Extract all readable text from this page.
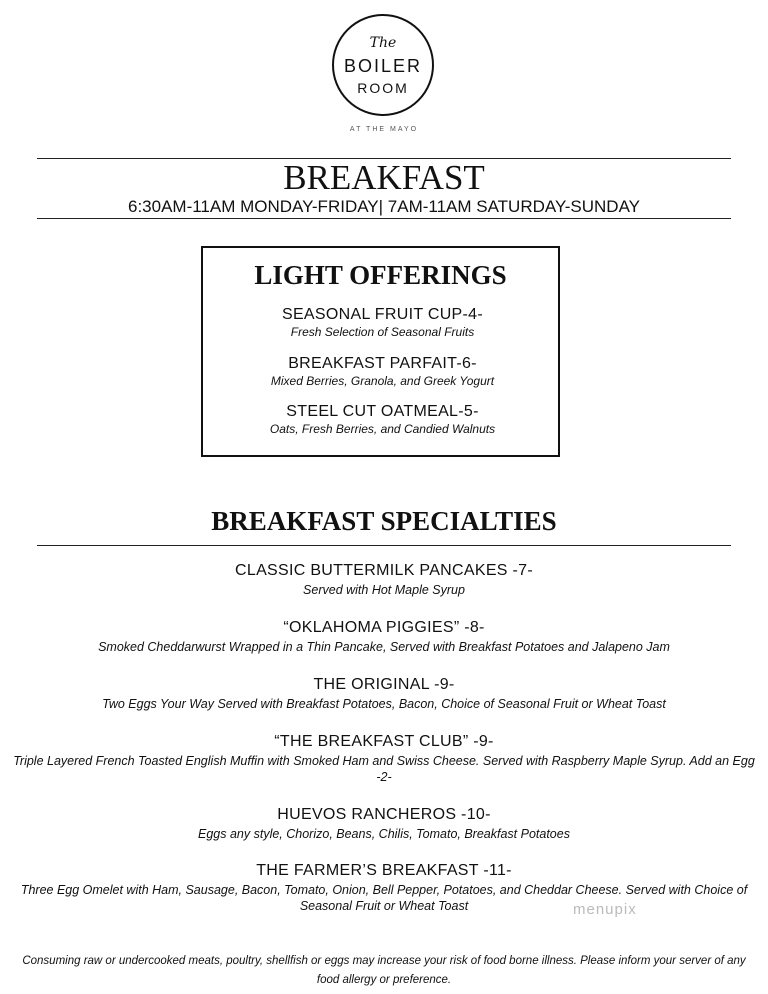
The
BOILER
ROOM
AT THE MAYO
BREAKFAST
6:30AM-11AM MONDAY-FRIDAY| 7AM-11AM SATURDAY-SUNDAY
LIGHT OFFERINGS
SEASONAL FRUIT CUP-4-
Fresh Selection of Seasonal Fruits
BREAKFAST PARFAIT-6-
Mixed Berries, Granola, and Greek Yogurt
STEEL CUT OATMEAL-5-
Oats, Fresh Berries, and Candied Walnuts
BREAKFAST SPECIALTIES
CLASSIC BUTTERMILK PANCAKES -7-
Served with Hot Maple Syrup
“OKLAHOMA PIGGIES” -8-
Smoked Cheddarwurst Wrapped in a Thin Pancake, Served with Breakfast Potatoes and Jalapeno Jam
THE ORIGINAL -9-
Two Eggs Your Way Served with Breakfast Potatoes, Bacon, Choice of Seasonal Fruit or Wheat Toast
“THE BREAKFAST CLUB” -9-
Triple Layered French Toasted English Muffin with Smoked Ham and Swiss Cheese. Served with Raspberry Maple Syrup. Add an Egg -2-
HUEVOS RANCHEROS -10-
Eggs any style, Chorizo, Beans, Chilis, Tomato, Breakfast Potatoes
THE FARMER’S BREAKFAST -11-
Three Egg Omelet with Ham, Sausage, Bacon, Tomato, Onion, Bell Pepper, Potatoes, and Cheddar Cheese. Served with Choice of Seasonal Fruit or Wheat Toast	menupix
Consuming raw or undercooked meats, poultry, shellfish or eggs may increase your risk of food borne illness. Please inform your server of any food allergy or preference.
